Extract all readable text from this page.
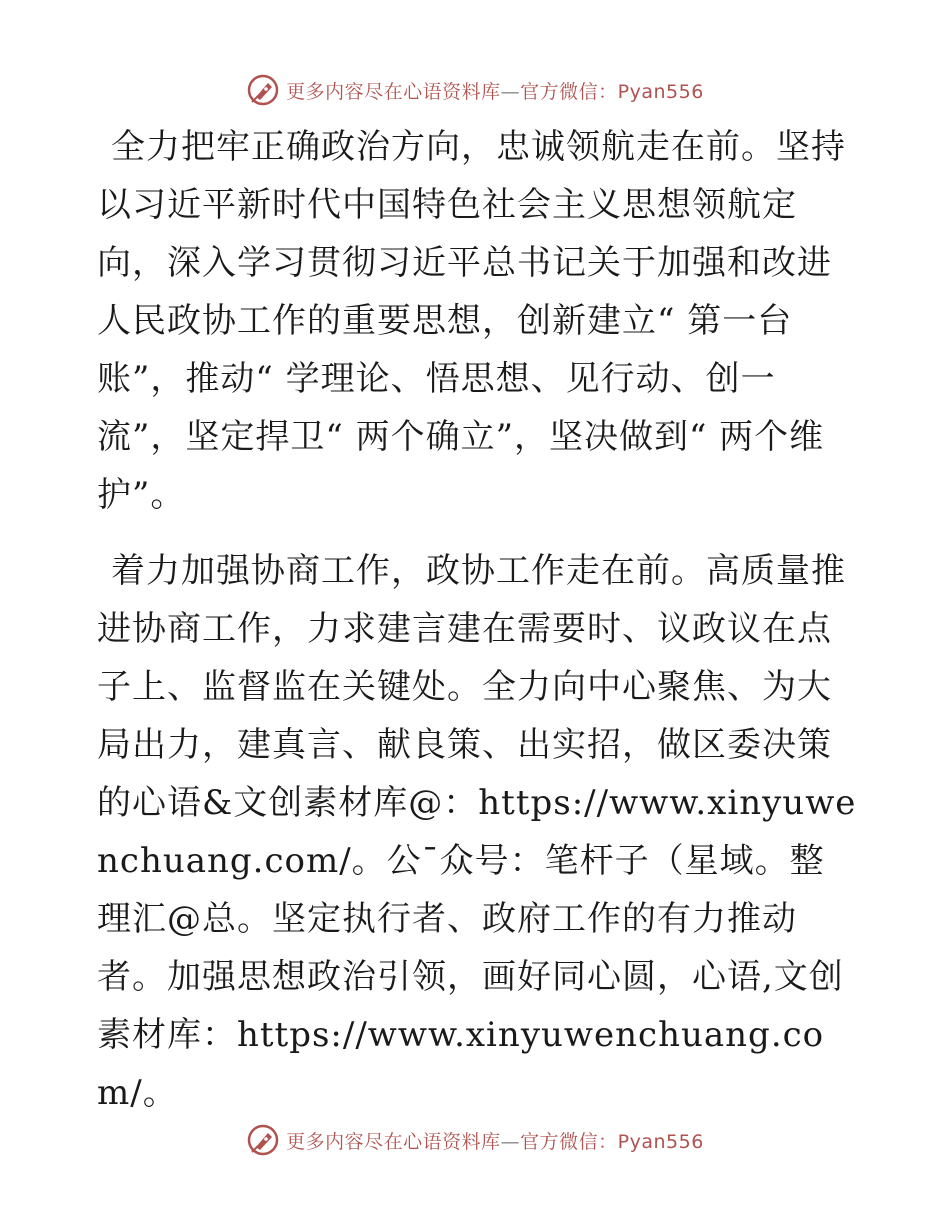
更多内容尽在心语资料库—官方微信：Pyan556

全力把牢正确政治方向，忠诚领航走在前。坚持以习近平新时代中国特色社会主义思想领航定向，深入学习贯彻习近平总书记关于加强和改进人民政协工作的重要思想，创新建立“ 第一台账”，推动“ 学理论、悟思想、见行动、创一流”，坚定捍卫“ 两个确立”，坚决做到“ 两个维护”。

着力加强协商工作，政协工作走在前。高质量推进协商工作，力求建言建在需要时、议政议在点子上、监督监在关键处。全力向中心聚焦、为大局出力，建真言、献良策、出实招，做区委决策的心语&文创素材库@：https://www.xinyuwenchuang.com/。公¯众号：笔杆子（星域。整理汇@总。坚定执行者、政府工作的有力推动者。加强思想政治引领，画好同心圆，心语,文创素材库：https://www.xinyuwenchuang.com/。

更多内容尽在心语资料库—官方微信：Pyan556
